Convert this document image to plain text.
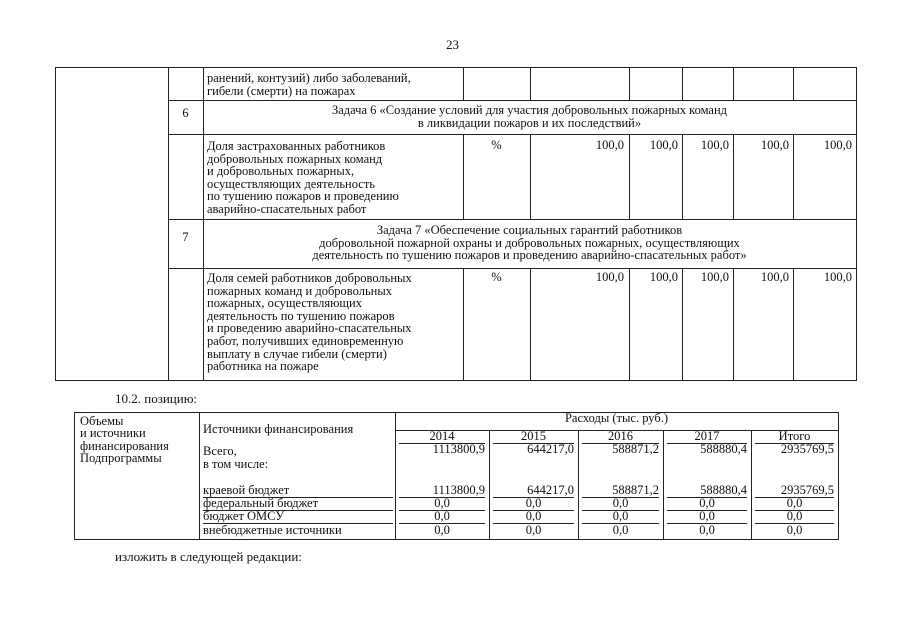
23
ранений, контузий) либо заболеваний,
гибели (смерти) на пожарах
6	Задача 6 «Создание условий для участия добровольных пожарных команд
в ликвидации пожаров и их последствий»
Доля застрахованных работников
добровольных пожарных команд
и добровольных пожарных,
осуществляющих деятельность
по тушению пожаров и проведению
аварийно-спасательных работ
%	100,0	100,0	100,0	100,0	100,0
7	Задача 7 «Обеспечение социальных гарантий работников
добровольной пожарной охраны и добровольных пожарных, осуществляющих
деятельность по тушению пожаров и проведению аварийно-спасательных работ»
Доля семей работников добровольных
пожарных команд и добровольных
пожарных, осуществляющих
деятельность по тушению пожаров
и проведению аварийно-спасательных
работ, получивших единовременную
выплату в случае гибели (смерти)
работника на пожаре
%	100,0	100,0	100,0	100,0	100,0
10.2. позицию:
Объемы
и источники
финансирования
Подпрограммы
Источники финансирования
Расходы (тыс. руб.)
2014	2015	2016	2017	Итого
Всего,
в том числе:
1113800,9	644217,0	588871,2	588880,4	2935769,5
краевой бюджет	1113800,9	644217,0	588871,2	588880,4	2935769,5
федеральный бюджет	0,0	0,0	0,0	0,0	0,0
бюджет ОМСУ	0,0	0,0	0,0	0,0	0,0
внебюджетные источники	0,0	0,0	0,0	0,0	0,0
изложить в следующей редакции:
